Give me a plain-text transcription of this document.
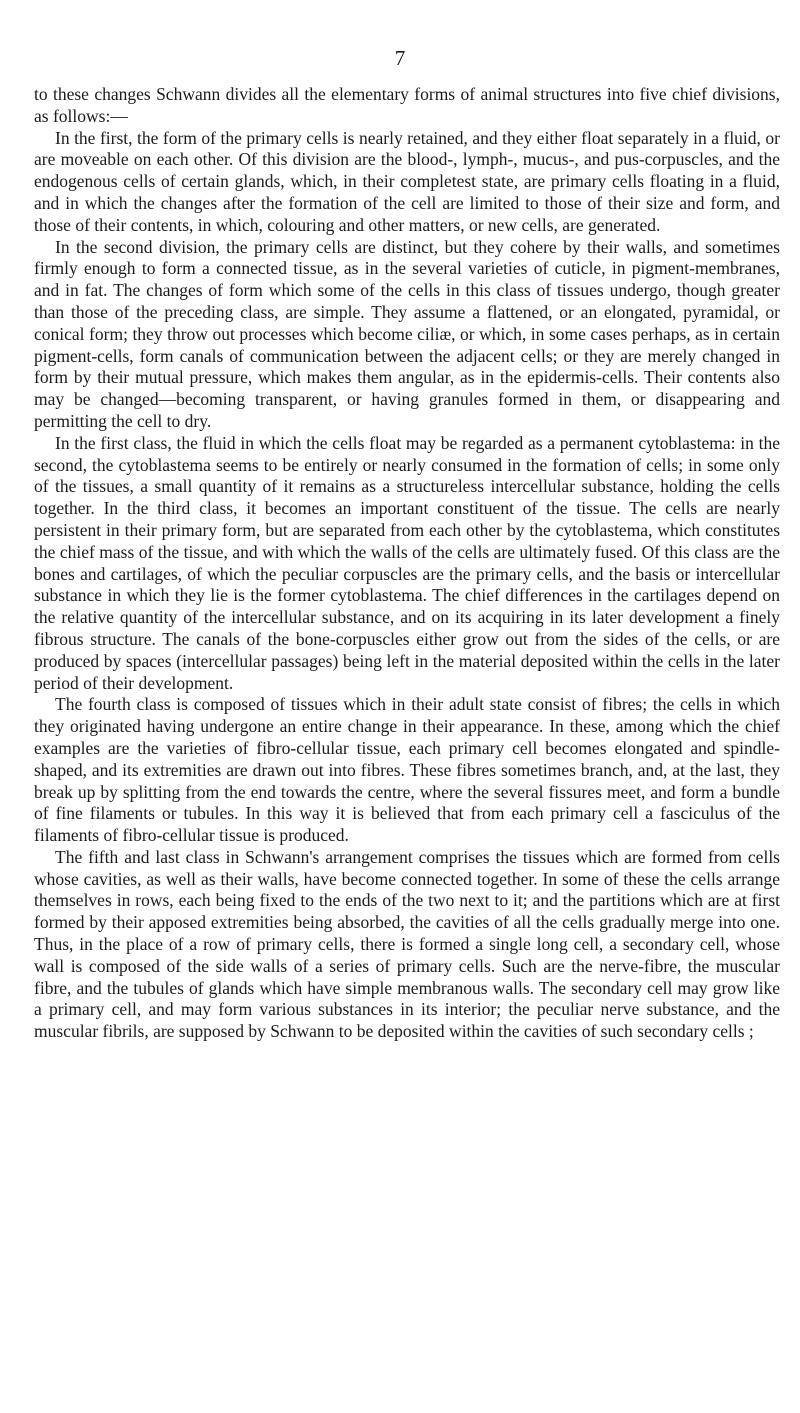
7

to these changes Schwann divides all the elementary forms of animal structures into five chief divisions, as follows:—

In the first, the form of the primary cells is nearly retained, and they either float separately in a fluid, or are moveable on each other. Of this division are the blood-, lymph-, mucus-, and pus-corpuscles, and the endogenous cells of certain glands, which, in their completest state, are primary cells floating in a fluid, and in which the changes after the formation of the cell are limited to those of their size and form, and those of their contents, in which, colouring and other matters, or new cells, are generated.

In the second division, the primary cells are distinct, but they cohere by their walls, and sometimes firmly enough to form a connected tissue, as in the several varieties of cuticle, in pigment-membranes, and in fat. The changes of form which some of the cells in this class of tissues undergo, though greater than those of the preceding class, are simple. They assume a flattened, or an elongated, pyramidal, or conical form; they throw out processes which become ciliæ, or which, in some cases perhaps, as in certain pigment-cells, form canals of communication between the adjacent cells; or they are merely changed in form by their mutual pressure, which makes them angular, as in the epidermis-cells. Their contents also may be changed—becoming transparent, or having granules formed in them, or disappearing and permitting the cell to dry.

In the first class, the fluid in which the cells float may be regarded as a permanent cytoblastema: in the second, the cytoblastema seems to be entirely or nearly consumed in the formation of cells; in some only of the tissues, a small quantity of it remains as a structureless intercellular substance, holding the cells together. In the third class, it becomes an important constituent of the tissue. The cells are nearly persistent in their primary form, but are separated from each other by the cytoblastema, which constitutes the chief mass of the tissue, and with which the walls of the cells are ultimately fused. Of this class are the bones and cartilages, of which the peculiar corpuscles are the primary cells, and the basis or intercellular substance in which they lie is the former cytoblastema. The chief differences in the cartilages depend on the relative quantity of the intercellular substance, and on its acquiring in its later development a finely fibrous structure. The canals of the bone-corpuscles either grow out from the sides of the cells, or are produced by spaces (intercellular passages) being left in the material deposited within the cells in the later period of their development.

The fourth class is composed of tissues which in their adult state consist of fibres; the cells in which they originated having undergone an entire change in their appearance. In these, among which the chief examples are the varieties of fibro-cellular tissue, each primary cell becomes elongated and spindle-shaped, and its extremities are drawn out into fibres. These fibres sometimes branch, and, at the last, they break up by splitting from the end towards the centre, where the several fissures meet, and form a bundle of fine filaments or tubules. In this way it is believed that from each primary cell a fasciculus of the filaments of fibro-cellular tissue is produced.

The fifth and last class in Schwann's arrangement comprises the tissues which are formed from cells whose cavities, as well as their walls, have become connected together. In some of these the cells arrange themselves in rows, each being fixed to the ends of the two next to it; and the partitions which are at first formed by their apposed extremities being absorbed, the cavities of all the cells gradually merge into one. Thus, in the place of a row of primary cells, there is formed a single long cell, a secondary cell, whose wall is composed of the side walls of a series of primary cells. Such are the nerve-fibre, the muscular fibre, and the tubules of glands which have simple membranous walls. The secondary cell may grow like a primary cell, and may form various substances in its interior; the peculiar nerve substance, and the muscular fibrils, are supposed by Schwann to be deposited within the cavities of such secondary cells ;
